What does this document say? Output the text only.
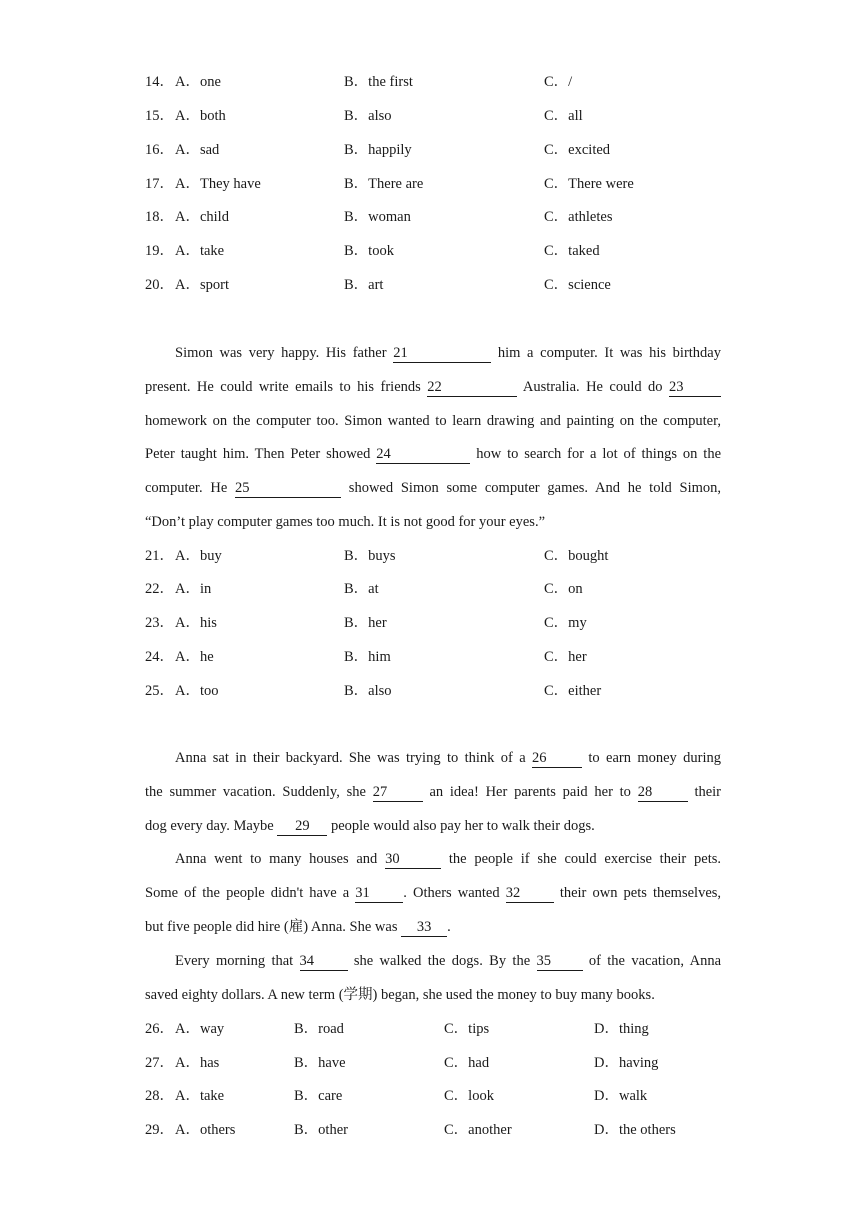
14． A．one	B．the first	C．/
15． A．both	B．also	C．all
16． A．sad	B．happily	C．excited
17． A．They have	B．There are	C．There were
18． A．child	B．woman	C．athletes
19． A．take	B．took	C．taked
20． A．sport	B．art	C．science
Simon was very happy. His father 21	him a computer. It was his birthday
present. He could write emails to his friends 22	Australia. He could do 23
homework on the computer too. Simon wanted to learn drawing and painting on the computer,
Peter taught him. Then Peter showed 24	how to search for a lot of things on the
computer. He 25	showed Simon some computer games. And he told Simon,
“Don’t play computer games too much. It is not good for your eyes.”
21． A．buy	B．buys	C．bought
22． A．in	B．at	C．on
23． A．his	B．her	C．my
24． A．he	B．him	C．her
25． A．too	B．also	C．either
Anna sat in their backyard. She was trying to think of a 26	to earn money during
the summer vacation. Suddenly, she 27	an idea! Her parents paid her to 28	their
dog every day. Maybe 29 people would also pay her to walk their dogs.
Anna went to many houses and 30	the people if she could exercise their pets.
Some of the people didn't have a 31 . Others wanted 32	their own pets themselves,
but five people did hire (雇) Anna. She was 33 .
Every morning that 34	she walked the dogs. By the 35	of the vacation, Anna
saved eighty dollars. A new term (学期) began, she used the money to buy many books.
26． A．way	B．road	C．tips	D．thing
27． A．has	B．have	C．had	D．having
28． A．take	B．care	C．look	D．walk
29． A．others	B．other	C．another	D．the others
